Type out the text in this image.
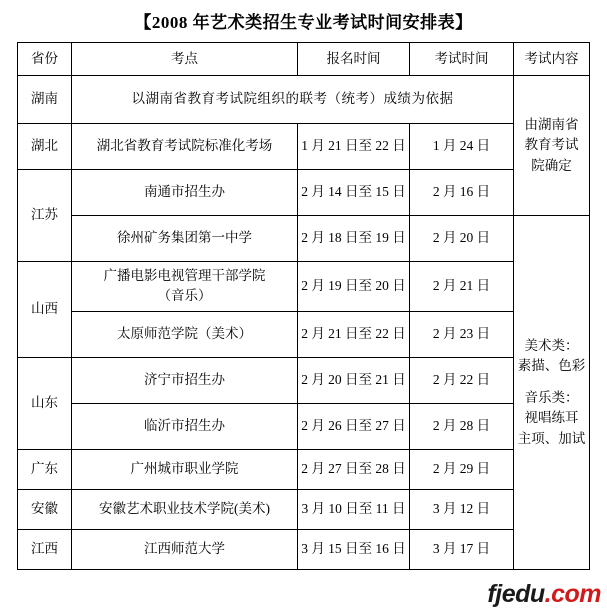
【2008 年艺术类招生专业考试时间安排表】
省份	考点	报名时间	考试时间	考试内容
湖南	以湖南省教育考试院组织的联考（统考）成绩为依据			由湖南省
教育考试
院确定

湖北	湖北省教育考试院标准化考场	1 月 21 日至 22 日	1 月 24 日	
江苏	南通市招生办	2 月 14 日至 15 日	2 月 16 日	
	徐州矿务集团第一中学	2 月 18 日至 19 日	2 月 20 日	美术类：
素描、色彩
音乐类：
视唱练耳
主项、加试

山西	广播电影电视管理干部学院
（音乐）	2 月 19 日至 20 日	2 月 21 日	
	太原师范学院（美术）	2 月 21 日至 22 日	2 月 23 日	
山东	济宁市招生办	2 月 20 日至 21 日	2 月 22 日	
	临沂市招生办	2 月 26 日至 27 日	2 月 28 日	
广东	广州城市职业学院	2 月 27 日至 28 日	2 月 29 日	
安徽	安徽艺术职业技术学院(美术)	3 月 10 日至 11 日	3 月 12 日	
江西	江西师范大学	3 月 15 日至 16 日	3 月 17 日	
fjedu.com
